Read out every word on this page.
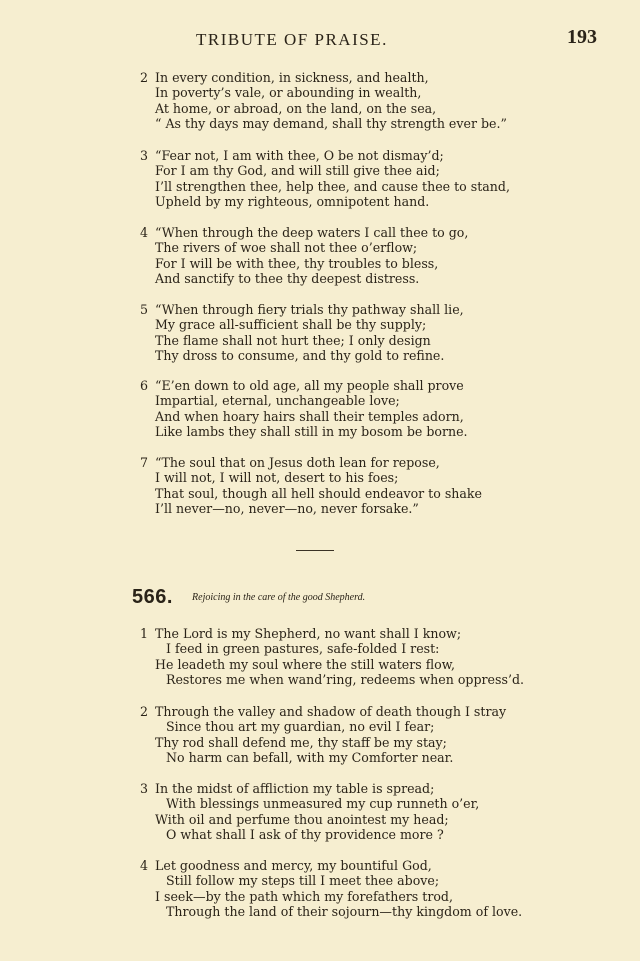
TRIBUTE OF PRAISE.	193
2 In every condition, in sickness, and health,
In poverty’s vale, or abounding in wealth,
At home, or abroad, on the land, on the sea,
“ As thy days may demand, shall thy strength ever be.”
3 “Fear not, I am with thee, O be not dismay’d;
For I am thy God, and will still give thee aid;
I’ll strengthen thee, help thee, and cause thee to stand,
Upheld by my righteous, omnipotent hand.
4 “When through the deep waters I call thee to go,
The rivers of woe shall not thee o’erflow;
For I will be with thee, thy troubles to bless,
And sanctify to thee thy deepest distress.
5 “When through fiery trials thy pathway shall lie,
My grace all-sufficient shall be thy supply;
The flame shall not hurt thee; I only design
Thy dross to consume, and thy gold to refine.
6 “E’en down to old age, all my people shall prove
Impartial, eternal, unchangeable love;
And when hoary hairs shall their temples adorn,
Like lambs they shall still in my bosom be borne.
7 “The soul that on Jesus doth lean for repose,
I will not, I will not, desert to his foes;
That soul, though all hell should endeavor to shake
I’ll never—no, never—no, never forsake.”
566. Rejoicing in the care of the good Shepherd.
1 The Lord is my Shepherd, no want shall I know;
I feed in green pastures, safe-folded I rest:
He leadeth my soul where the still waters flow,
Restores me when wand’ring, redeems when oppress’d.
2 Through the valley and shadow of death though I stray
Since thou art my guardian, no evil I fear;
Thy rod shall defend me, thy staff be my stay;
No harm can befall, with my Comforter near.
3 In the midst of affliction my table is spread;
With blessings unmeasured my cup runneth o’er,
With oil and perfume thou anointest my head;
O what shall I ask of thy providence more ?
4 Let goodness and mercy, my bountiful God,
Still follow my steps till I meet thee above;
I seek—by the path which my forefathers trod,
Through the land of their sojourn—thy kingdom of love.
